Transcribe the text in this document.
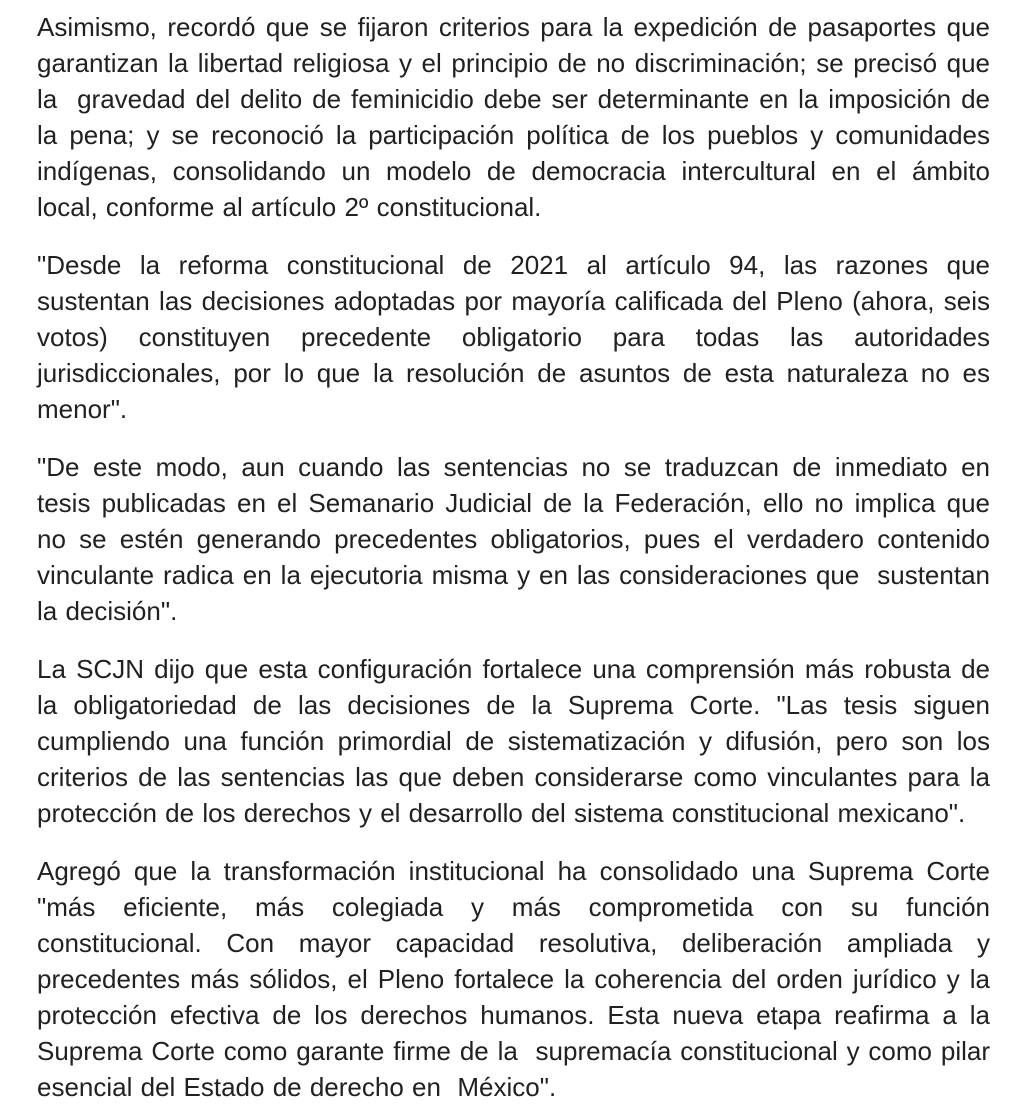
Asimismo, recordó que se fijaron criterios para la expedición de pasaportes que garantizan la libertad religiosa y el principio de no discriminación; se precisó que la  gravedad del delito de feminicidio debe ser determinante en la imposición de la pena; y se reconoció la participación política de los pueblos y comunidades  indígenas, consolidando un modelo de democracia intercultural en el ámbito  local, conforme al artículo 2º constitucional.

"Desde la reforma constitucional de 2021 al artículo 94, las razones que sustentan las decisiones adoptadas por mayoría calificada del Pleno (ahora, seis votos) constituyen precedente obligatorio para todas las autoridades jurisdiccionales, por lo que la resolución de asuntos de esta naturaleza no es menor".

"De este modo, aun cuando las sentencias no se traduzcan de inmediato en  tesis publicadas en el Semanario Judicial de la Federación, ello no implica que  no se estén generando precedentes obligatorios, pues el verdadero contenido  vinculante radica en la ejecutoria misma y en las consideraciones que  sustentan la decisión".

La SCJN dijo que esta configuración fortalece una comprensión más robusta de la obligatoriedad de las decisiones de la Suprema Corte. "Las tesis siguen cumpliendo una función primordial de sistematización y difusión, pero son los criterios de las sentencias las que deben considerarse como vinculantes para la protección de los derechos y el desarrollo del sistema constitucional mexicano".

Agregó que la transformación institucional ha consolidado una Suprema Corte "más eficiente, más colegiada y más comprometida con su función  constitucional. Con mayor capacidad resolutiva, deliberación ampliada y  precedentes más sólidos, el Pleno fortalece la coherencia del orden jurídico y la protección efectiva de los derechos humanos. Esta nueva etapa reafirma a la Suprema Corte como garante firme de la  supremacía constitucional y como pilar esencial del Estado de derecho en  México".
